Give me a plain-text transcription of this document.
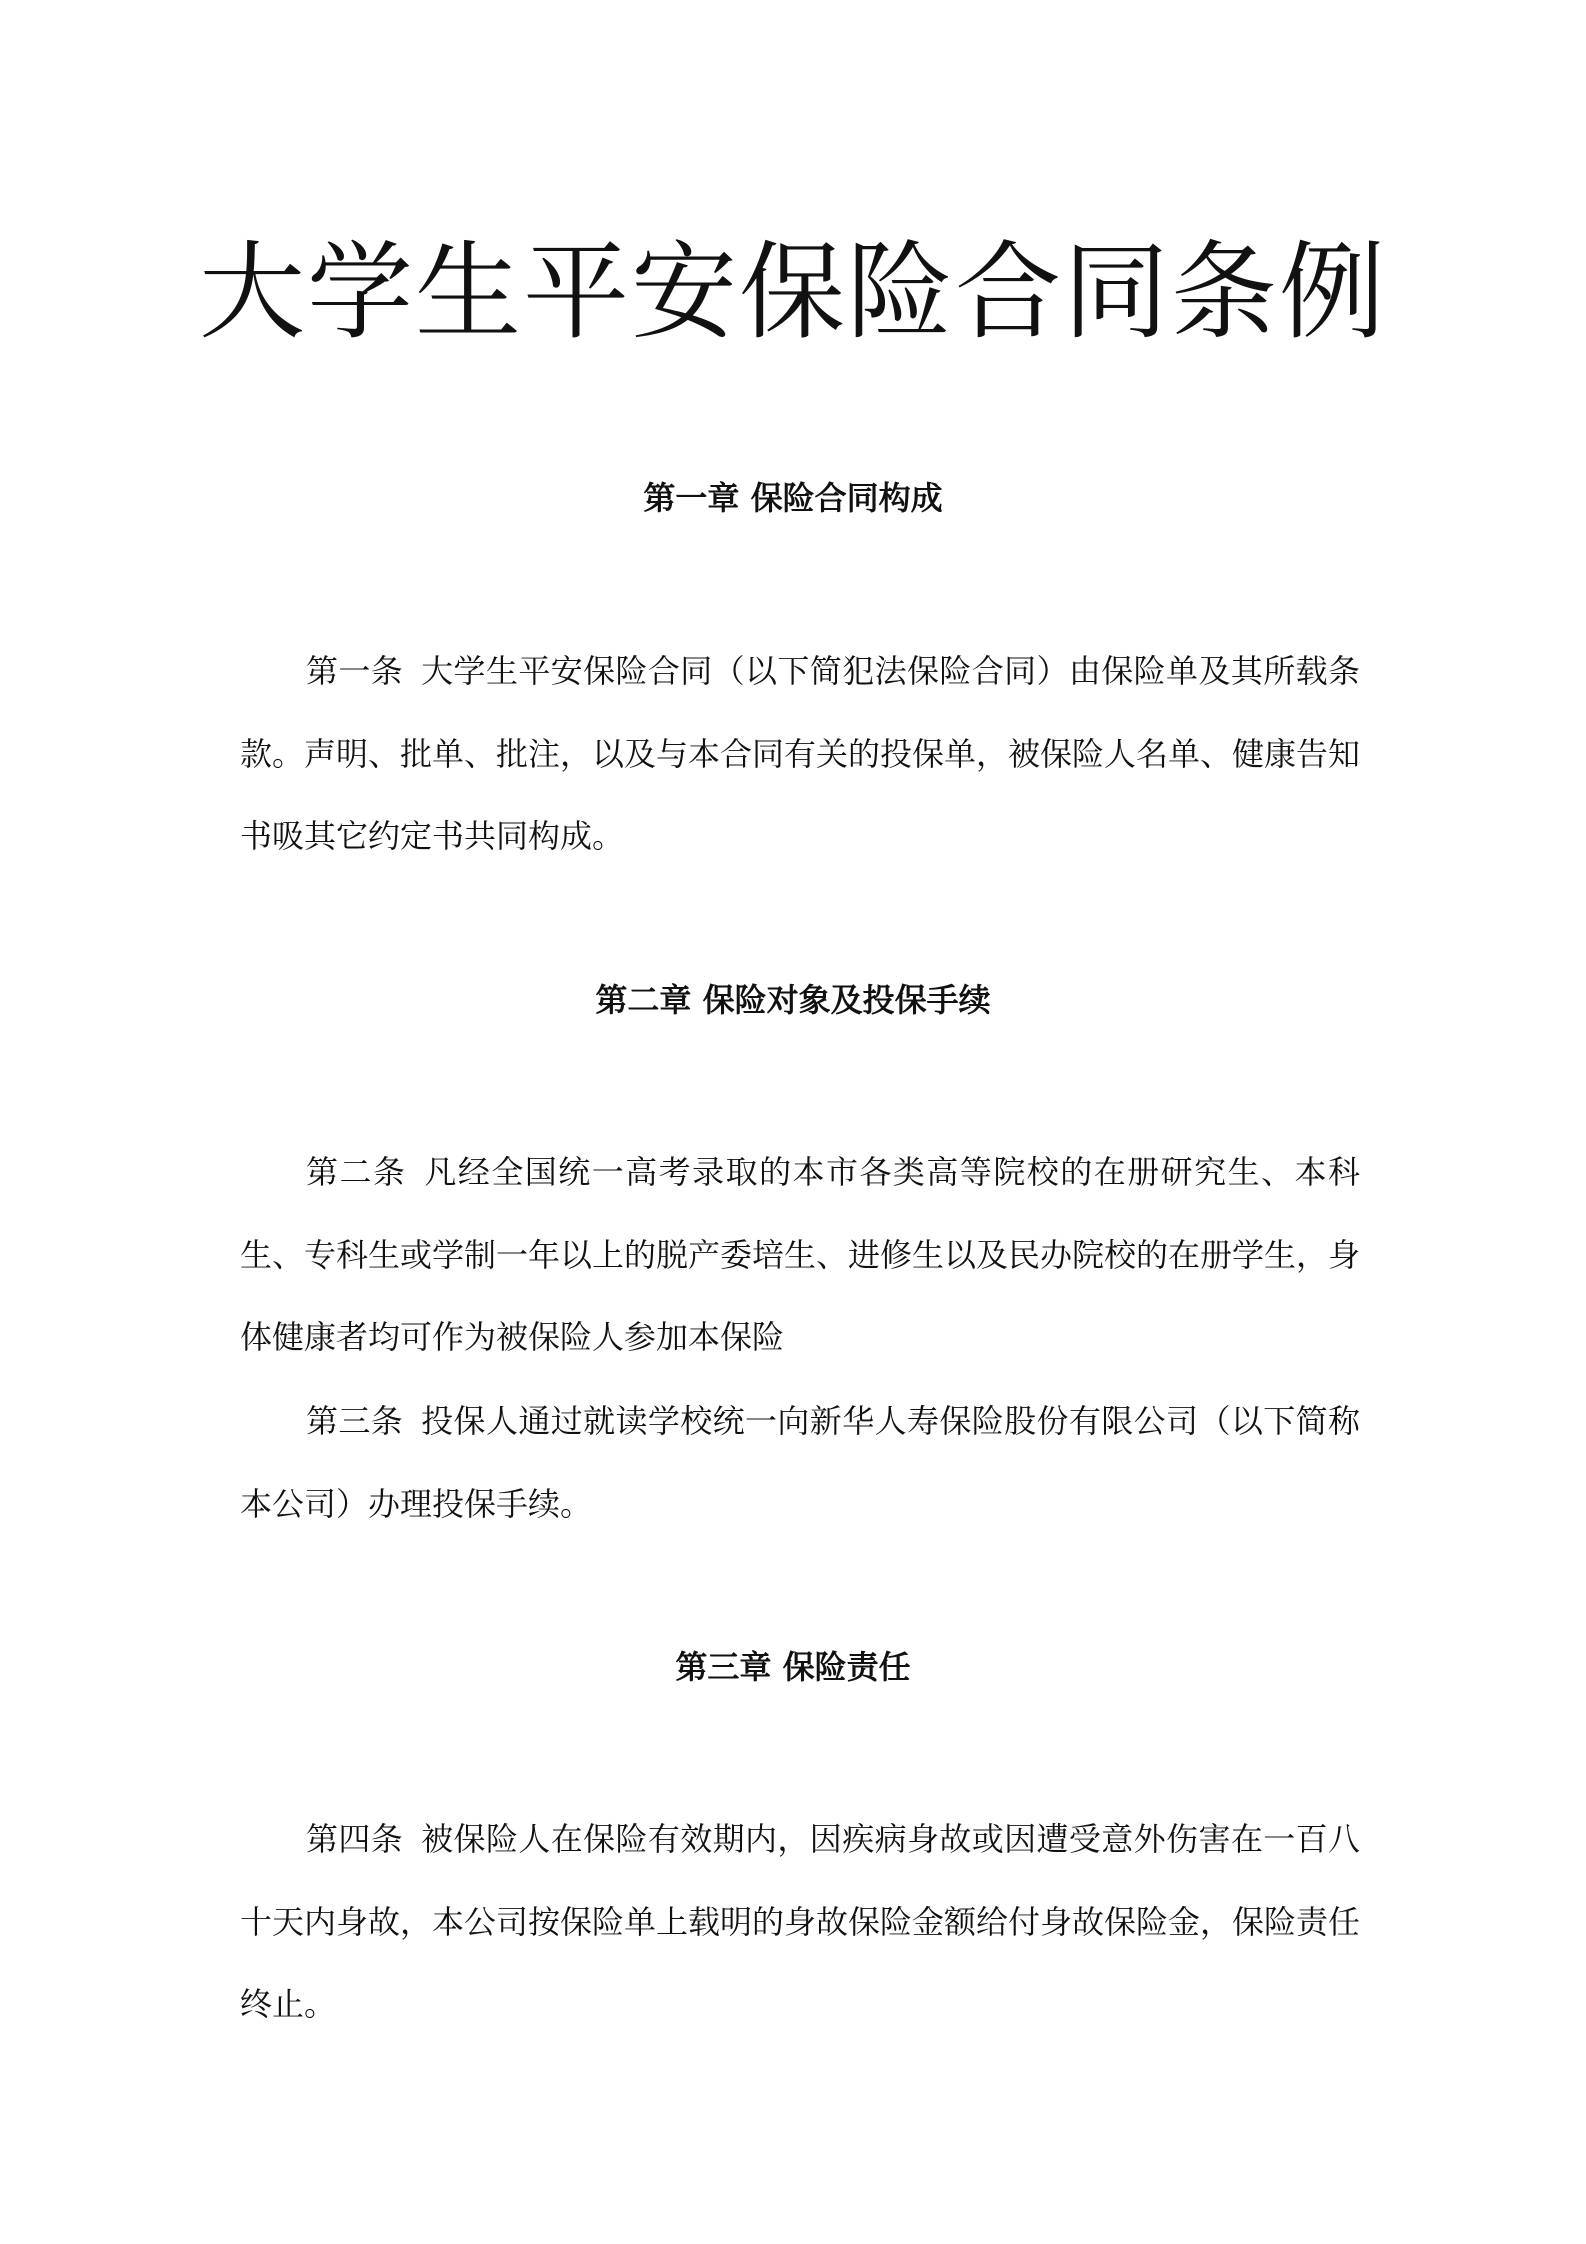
大学生平安保险合同条例
第一章 保险合同构成

第一条 大学生平安保险合同（以下简犯法保险合同）由保险单及其所载条款。声明、批单、批注，以及与本合同有关的投保单，被保险人名单、健康告知书吸其它约定书共同构成。

第二章 保险对象及投保手续

第二条 凡经全国统一高考录取的本市各类高等院校的在册研究生、本科生、专科生或学制一年以上的脱产委培生、进修生以及民办院校的在册学生，身体健康者均可作为被保险人参加本保险

第三条 投保人通过就读学校统一向新华人寿保险股份有限公司（以下简称本公司）办理投保手续。

第三章 保险责任

第四条 被保险人在保险有效期内，因疾病身故或因遭受意外伤害在一百八十天内身故，本公司按保险单上载明的身故保险金额给付身故保险金，保险责任终止。
